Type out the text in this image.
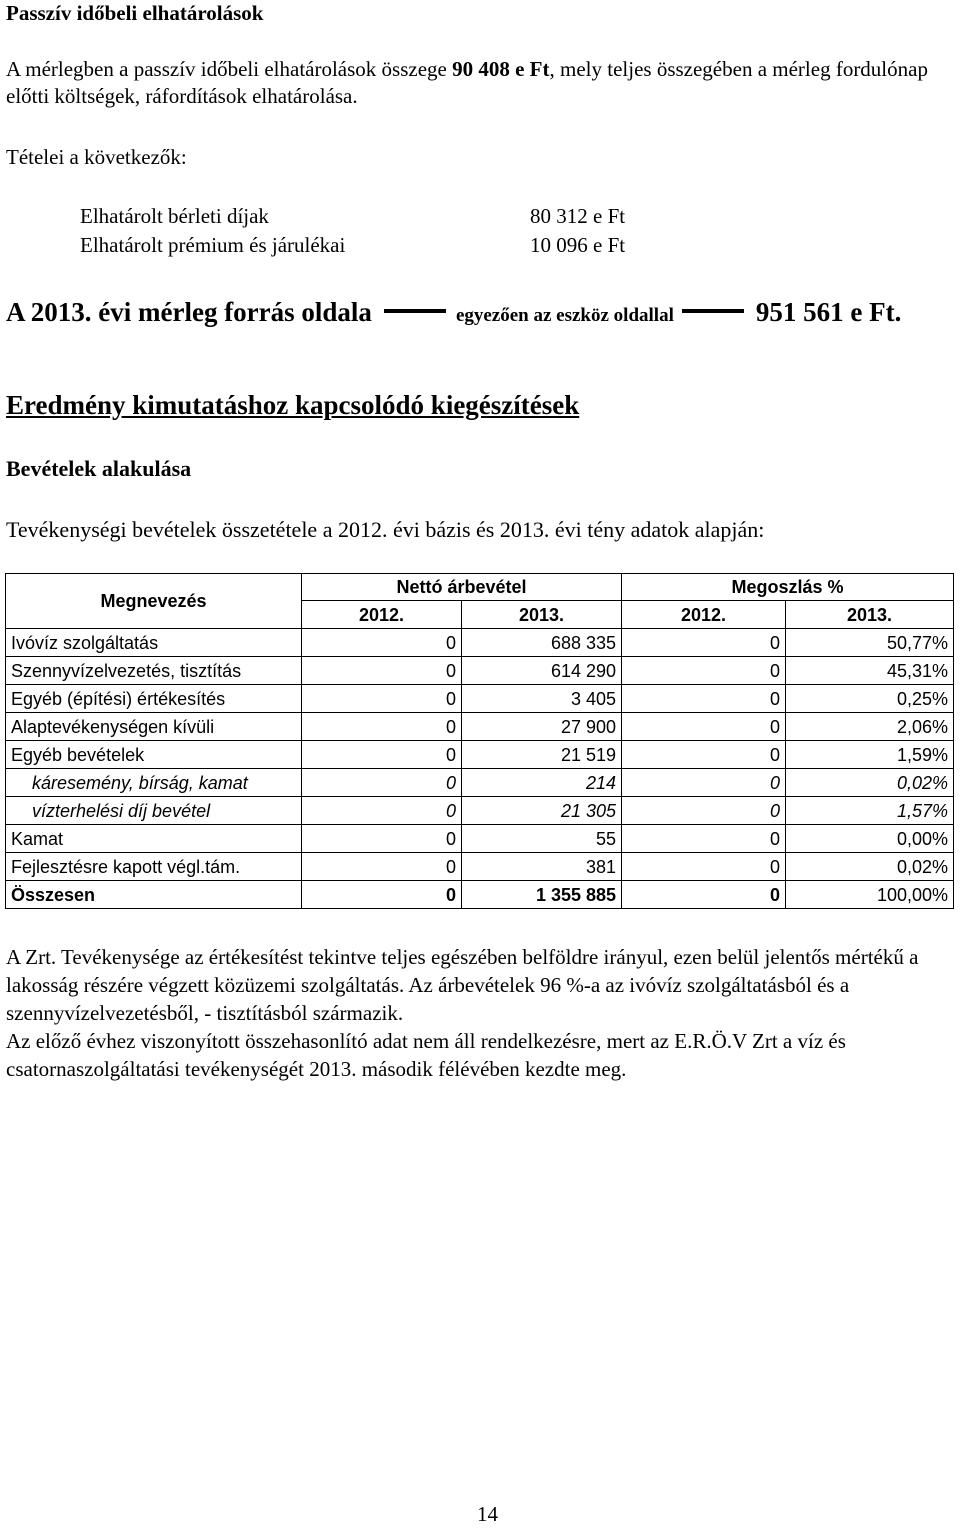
Passzív időbeli elhatárolások
A mérlegben a passzív időbeli elhatárolások összege 90 408 e Ft, mely teljes összegében a mérleg fordulónap előtti költségek, ráfordítások elhatárolása.
Tételei a következők:
Elhatárolt bérleti díjak	80 312 e Ft
Elhatárolt prémium és járulékai	10 096 e Ft
A 2013. évi mérleg forrás oldala	egyezően az eszköz oldallal	951 561 e Ft.
Eredmény kimutatáshoz kapcsolódó kiegészítések
Bevételek alakulása
Tevékenységi bevételek összetétele a 2012. évi bázis és 2013. évi tény adatok alapján:
Megnevezés	Nettó árbevétel		Megoszlás %	
	2012.	2013.	2012.	2013.
Ivóvíz szolgáltatás	0	688 335	0	50,77%
Szennyvízelvezetés, tisztítás	0	614 290	0	45,31%
Egyéb (építési) értékesítés	0	3 405	0	0,25%
Alaptevékenységen kívüli	0	27 900	0	2,06%
Egyéb bevételek	0	21 519	0	1,59%
káresemény, bírság, kamat	0	214	0	0,02%
vízterhelési díj bevétel	0	21 305	0	1,57%
Kamat	0	55	0	0,00%
Fejlesztésre kapott végl.tám.	0	381	0	0,02%
Összesen	0	1 355 885	0	100,00%
A Zrt. Tevékenysége az értékesítést tekintve teljes egészében belföldre irányul, ezen belül jelentős mértékű a lakosság részére végzett közüzemi szolgáltatás. Az árbevételek 96 %-a az ivóvíz szolgáltatásból és a szennyvízelvezetésből, - tisztításból származik.
Az előző évhez viszonyított összehasonlító adat nem áll rendelkezésre, mert az E.R.Ö.V Zrt a víz és csatornaszolgáltatási tevékenységét 2013. második félévében kezdte meg.
14
